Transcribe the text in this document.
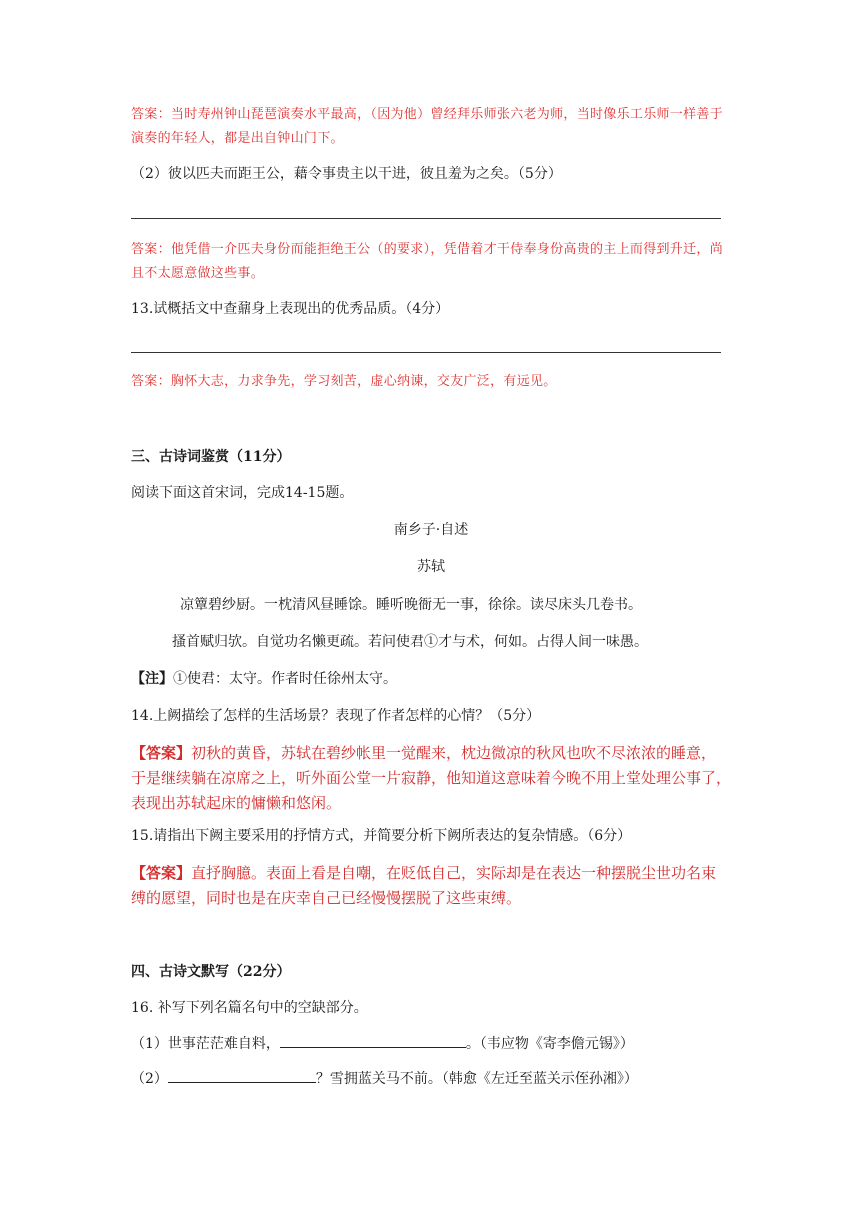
答案：当时寿州钟山琵琶演奏水平最高，（因为他）曾经拜乐师张六老为师，当时像乐工乐师一样善于演奏的年轻人，都是出自钟山门下。

（2）彼以匹夫而距王公，藉令事贵主以干进，彼且羞为之矣。（5分）

答案：他凭借一介匹夫身份而能拒绝王公（的要求），凭借着才干侍奉身份高贵的主上而得到升迁，尚且不太愿意做这些事。

13.试概括文中查鼐身上表现出的优秀品质。（4分）

答案：胸怀大志，力求争先，学习刻苦，虚心纳谏，交友广泛，有远见。

三、古诗词鉴赏（11分）

阅读下面这首宋词，完成14-15题。

南乡子·自述

苏轼

凉簟碧纱厨。一枕清风昼睡馀。睡听晚衙无一事，徐徐。读尽床头几卷书。

搔首赋归欤。自觉功名懒更疏。若问使君①才与术，何如。占得人间一味愚。

【注】①使君：太守。作者时任徐州太守。

14.上阙描绘了怎样的生活场景？表现了作者怎样的心情？（5分）

【答案】初秋的黄昏，苏轼在碧纱帐里一觉醒来，枕边微凉的秋风也吹不尽浓浓的睡意，于是继续躺在凉席之上，听外面公堂一片寂静，他知道这意味着今晚不用上堂处理公事了，表现出苏轼起床的慵懒和悠闲。

15.请指出下阙主要采用的抒情方式，并简要分析下阙所表达的复杂情感。（6分）

【答案】直抒胸臆。表面上看是自嘲，在贬低自己，实际却是在表达一种摆脱尘世功名束缚的愿望，同时也是在庆幸自己已经慢慢摆脱了这些束缚。

四、古诗文默写（22分）

16. 补写下列名篇名句中的空缺部分。

（1）世事茫茫难自料，	。（韦应物《寄李儋元锡》）

（2）	？雪拥蓝关马不前。（韩愈《左迁至蓝关示侄孙湘》）
